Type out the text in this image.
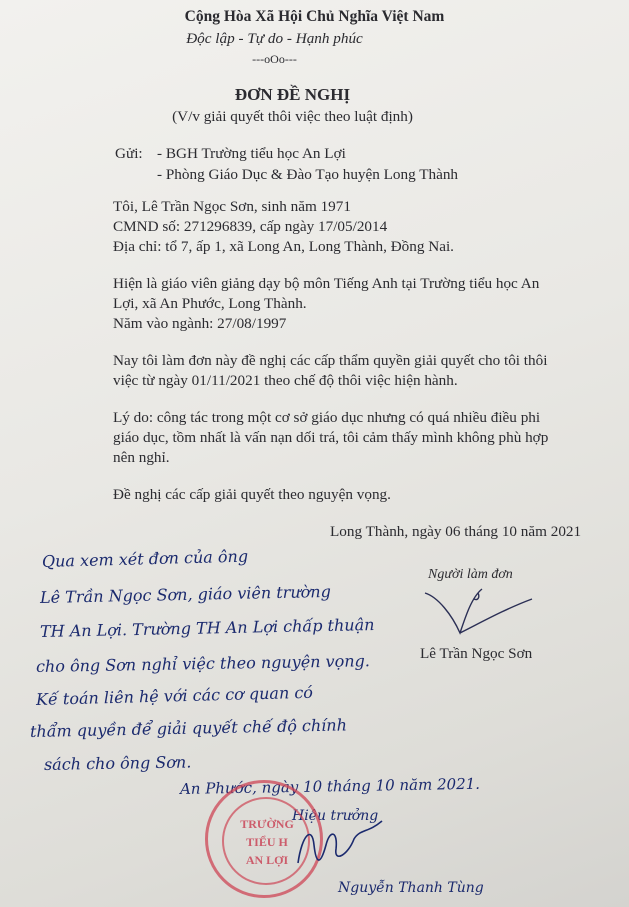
Cộng Hòa Xã Hội Chủ Nghĩa Việt Nam
Độc lập - Tự do - Hạnh phúc
---oOo---
ĐƠN ĐỀ NGHỊ
(V/v giải quyết thôi việc theo luật định)
Gửi: - BGH Trường tiểu học An Lợi
- Phòng Giáo Dục & Đào Tạo huyện Long Thành
Tôi, Lê Trần Ngọc Sơn, sinh năm 1971
CMND số: 271296839, cấp ngày 17/05/2014
Địa chỉ: tổ 7, ấp 1, xã Long An, Long Thành, Đồng Nai.
Hiện là giáo viên giảng dạy bộ môn Tiếng Anh tại Trường tiểu học An
Lợi, xã An Phước, Long Thành.
Năm vào ngành: 27/08/1997
Nay tôi làm đơn này đề nghị các cấp thẩm quyền giải quyết cho tôi thôi
việc từ ngày 01/11/2021 theo chế độ thôi việc hiện hành.
Lý do: công tác trong một cơ sở giáo dục nhưng có quá nhiều điều phi
giáo dục, tồm nhất là vấn nạn dối trá, tôi cảm thấy mình không phù hợp
nên nghỉ.
Đề nghị các cấp giải quyết theo nguyện vọng.
Long Thành, ngày 06 tháng 10 năm 2021
Người làm đơn
Lê Trần Ngọc Sơn
Qua xem xét đơn của ông
Lê Trần Ngọc Sơn, giáo viên trường
TH An Lợi. Trường TH An Lợi chấp thuận
cho ông Sơn nghỉ việc theo nguyện vọng.
Kế toán liên hệ với các cơ quan có
thẩm quyền để giải quyết chế độ chính
sách cho ông Sơn.
An Phước, ngày 10 tháng 10 năm 2021.
Hiệu trưởng
TRƯỜNG
TIỂU H
AN LỢI
Nguyễn Thanh Tùng
